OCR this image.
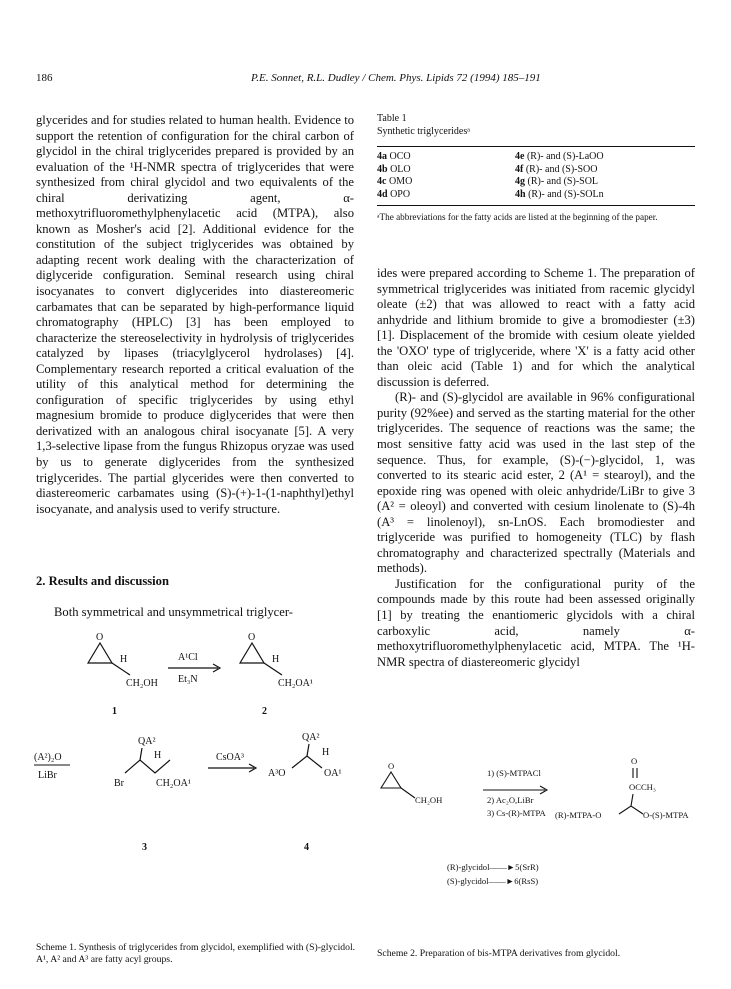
186	P.E. Sonnet, R.L. Dudley / Chem. Phys. Lipids 72 (1994) 185–191

glycerides and for studies related to human health. Evidence to support the retention of configuration for the chiral carbon of glycidol in the chiral triglycerides prepared is provided by an evaluation of the ¹H-NMR spectra of triglycerides that were synthesized from chiral glycidol and two equivalents of the chiral derivatizing agent, α-methoxytrifluoromethylphenylacetic acid (MTPA), also known as Mosher's acid [2]. Additional evidence for the constitution of the subject triglycerides was obtained by adapting recent work dealing with the characterization of diglyceride configuration. Seminal research using chiral isocyanates to convert diglycerides into diastereomeric carbamates that can be separated by high-performance liquid chromatography (HPLC) [3] has been employed to characterize the stereoselectivity in hydrolysis of triglycerides catalyzed by lipases (triacylglycerol hydrolases) [4]. Complementary research reported a critical evaluation of the utility of this analytical method for determining the configuration of specific triglycerides by using ethyl magnesium bromide to produce diglycerides that were then derivatized with an analogous chiral isocyanate [5]. A very 1,3-selective lipase from the fungus Rhizopus oryzae was used by us to generate diglycerides from the synthesized triglycerides. The partial glycerides were then converted to diastereomeric carbamates using (S)-(+)-1-(1-naphthyl)ethyl isocyanate, and analysis used to verify structure.

2. Results and discussion

Both symmetrical and unsymmetrical triglycer-

Table 1

Synthetic triglyceridesᵃ

4a OCO	4e (R)- and (S)-LaOO
4b OLO	4f (R)- and (S)-SOO
4c OMO	4g (R)- and (S)-SOL
4d OPO	4h (R)- and (S)-SOLn

ᵃThe abbreviations for the fatty acids are listed at the beginning of the paper.

ides were prepared according to Scheme 1. The preparation of symmetrical triglycerides was initiated from racemic glycidyl oleate (±2) that was allowed to react with a fatty acid anhydride and lithium bromide to give a bromodiester (±3) [1]. Displacement of the bromide with cesium oleate yielded the 'OXO' type of triglyceride, where 'X' is a fatty acid other than oleic acid (Table 1) and for which the analytical discussion is deferred.

(R)- and (S)-glycidol are available in 96% configurational purity (92%ee) and served as the starting material for the other triglycerides. The sequence of reactions was the same; the most sensitive fatty acid was used in the last step of the sequence. Thus, for example, (S)-(−)-glycidol, 1, was converted to its stearic acid ester, 2 (A¹ = stearoyl), and the epoxide ring was opened with oleic anhydride/LiBr to give 3 (A² = oleoyl) and converted with cesium linolenate to (S)-4h (A³ = linolenoyl), sn-LnOS. Each bromodiester and triglyceride was purified to homogeneity (TLC) by flash chromatography and characterized spectrally (Materials and methods).

Justification for the configurational purity of the compounds made by this route had been assessed originally [1] by treating the enantiomeric glycidols with a chiral carboxylic acid, namely α-methoxytrifluoromethylphenylacetic acid, MTPA. The ¹H-NMR spectra of diastereomeric glycidyl

O
H
CH₂OH
A¹Cl
Et₃N
O
H
CH₂OA¹
1	2
(A²)₂O
LiBr
Br
QA²
H
CH₂OA¹
CsOA³
QA²
H
A³O	OA¹
3	4
Scheme 1. Synthesis of triglycerides from glycidol, exemplified with (S)-glycidol. A¹, A² and A³ are fatty acyl groups.
O
CH₂OH
1) (S)-MTPACl
2) Ac₂O,LiBr
3) Cs-(R)-MTPA
O
OCCH₃
(R)-MTPA-O	O-(S)-MTPA
(R)-glycidol——►5(SrR)
(S)-glycidol——►6(RsS)
Scheme 2. Preparation of bis-MTPA derivatives from glycidol.
